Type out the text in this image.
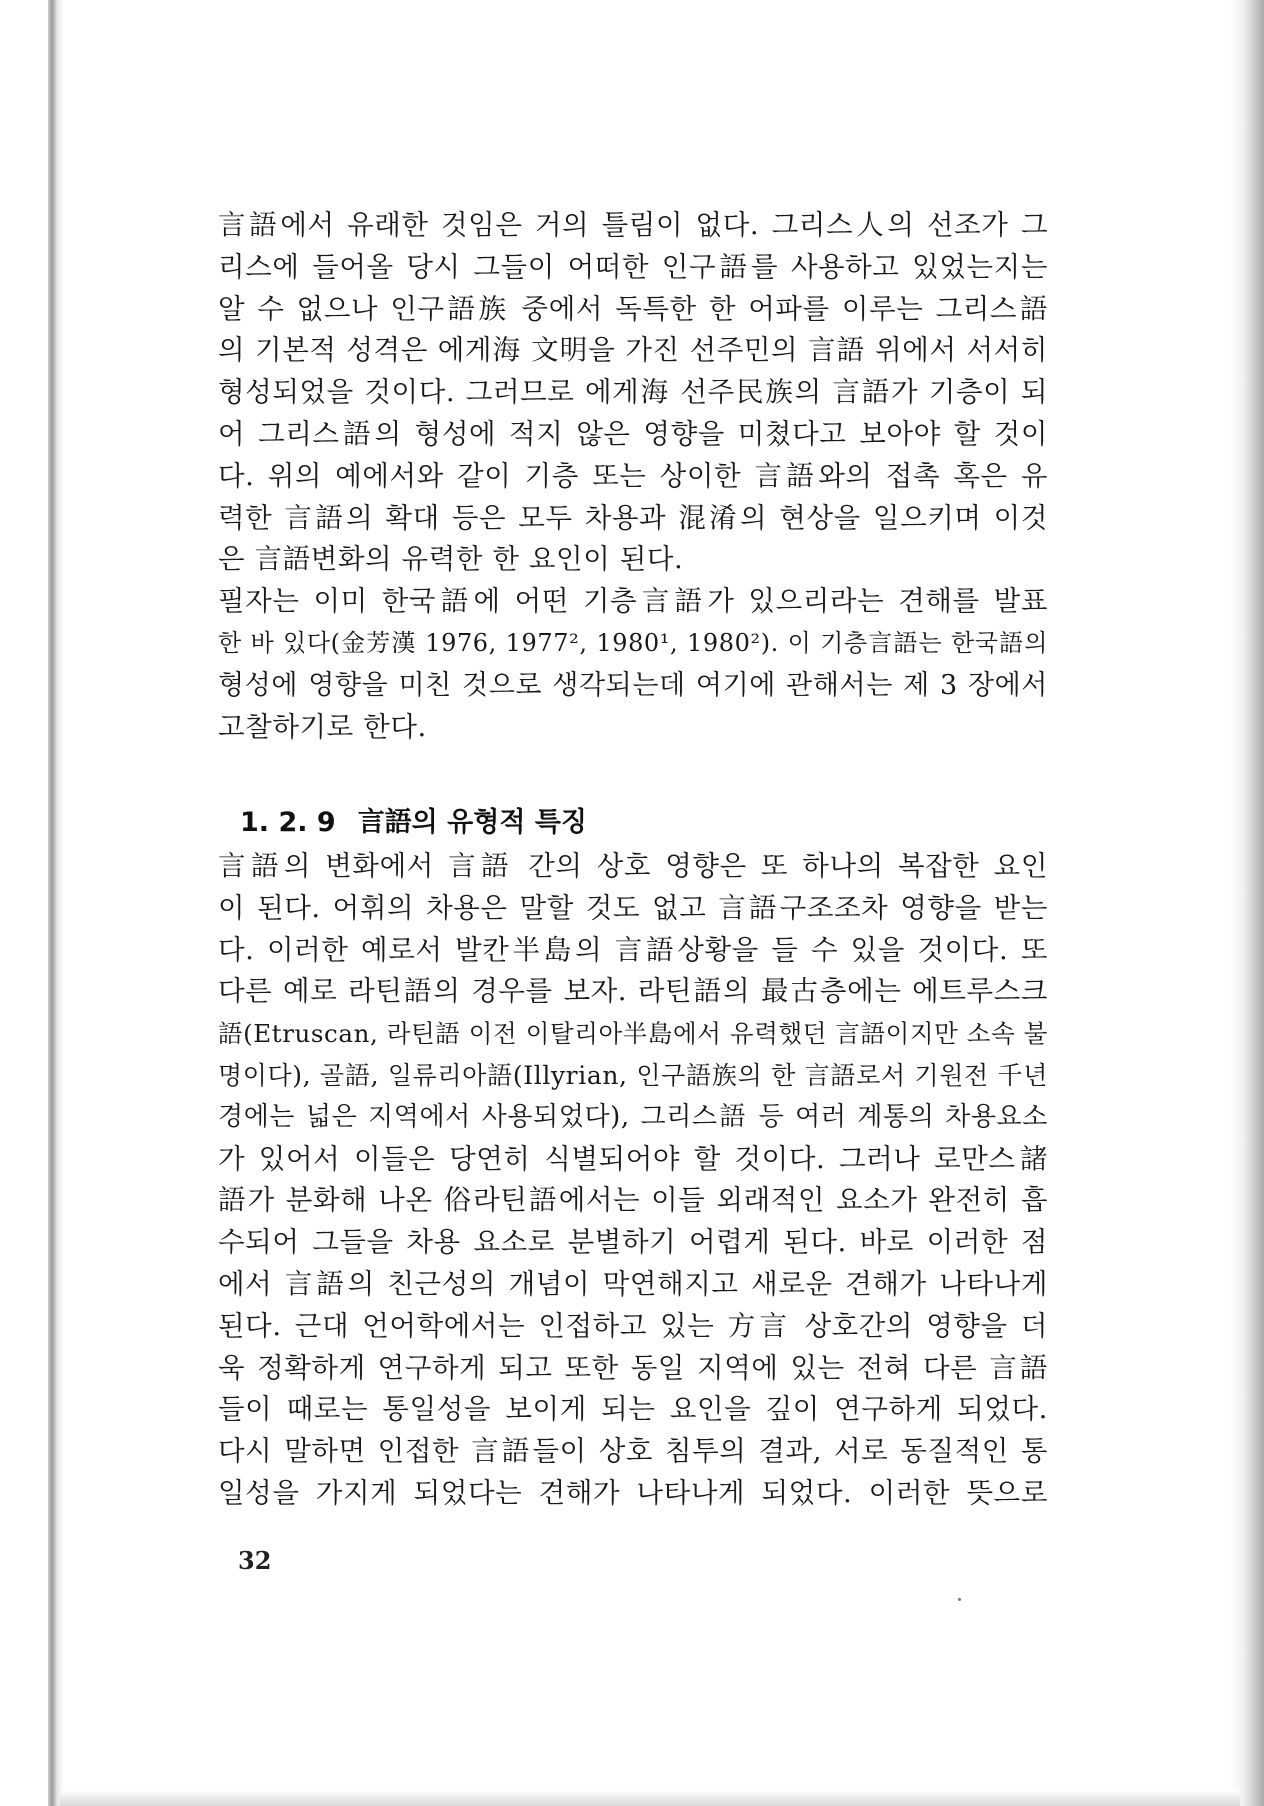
言語에서 유래한 것임은 거의 틀림이 없다. 그리스人의 선조가 그
리스에 들어올 당시 그들이 어떠한 인구語를 사용하고 있었는지는
알 수 없으나 인구語族 중에서 독특한 한 어파를 이루는 그리스語
의 기본적 성격은 에게海 文明을 가진 선주민의 言語 위에서 서서히
형성되었을 것이다. 그러므로 에게海 선주民族의 言語가 기층이 되
어 그리스語의 형성에 적지 않은 영향을 미쳤다고 보아야 할 것이
다. 위의 예에서와 같이 기층 또는 상이한 言語와의 접촉 혹은 유
력한 言語의 확대 등은 모두 차용과 混淆의 현상을 일으키며 이것
은 言語변화의 유력한 한 요인이 된다.
필자는 이미 한국語에 어떤 기층言語가 있으리라는 견해를 발표
한 바 있다(金芳漢 1976, 1977², 1980¹, 1980²). 이 기층言語는 한국語의
형성에 영향을 미친 것으로 생각되는데 여기에 관해서는 제 3 장에서
고찰하기로 한다.
1. 2. 9 言語의 유형적 특징
言語의 변화에서 言語 간의 상호 영향은 또 하나의 복잡한 요인
이 된다. 어휘의 차용은 말할 것도 없고 言語구조조차 영향을 받는
다. 이러한 예로서 발칸半島의 言語상황을 들 수 있을 것이다. 또
다른 예로 라틴語의 경우를 보자. 라틴語의 最古층에는 에트루스크
語(Etruscan, 라틴語 이전 이탈리아半島에서 유력했던 言語이지만 소속 불
명이다), 골語, 일류리아語(Illyrian, 인구語族의 한 言語로서 기원전 千년
경에는 넓은 지역에서 사용되었다), 그리스語 등 여러 계통의 차용요소
가 있어서 이들은 당연히 식별되어야 할 것이다. 그러나 로만스諸
語가 분화해 나온 俗라틴語에서는 이들 외래적인 요소가 완전히 흡
수되어 그들을 차용 요소로 분별하기 어렵게 된다. 바로 이러한 점
에서 言語의 친근성의 개념이 막연해지고 새로운 견해가 나타나게
된다. 근대 언어학에서는 인접하고 있는 方言 상호간의 영향을 더
욱 정확하게 연구하게 되고 또한 동일 지역에 있는 전혀 다른 言語
들이 때로는 통일성을 보이게 되는 요인을 깊이 연구하게 되었다.
다시 말하면 인접한 言語들이 상호 침투의 결과, 서로 동질적인 통
일성을 가지게 되었다는 견해가 나타나게 되었다. 이러한 뜻으로
32
